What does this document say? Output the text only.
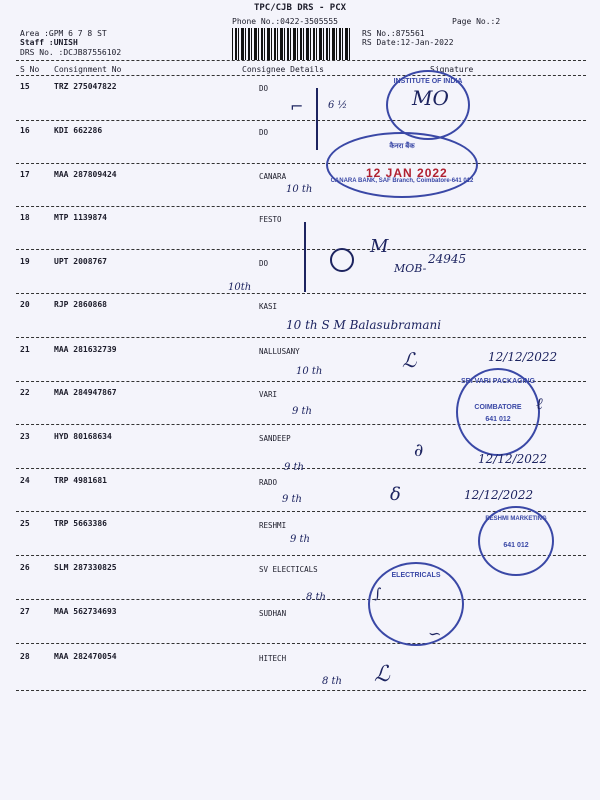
TPC/CJB DRS - PCX
Phone No.:0422-3505555	Page No.:2
Area :GPM 6 7 8 ST
Staff :UNISH
DRS No. :DCJB87556102
RS No.:875561
RS Date:12-Jan-2022
S No Consignment No	Consignee Details	Signature
15	TRZ 275047822	DO
16	KDI 662286	DO
17	MAA 287809424	CANARA
18	MTP 1139874	FESTO
19	UPT 2008767	DO
20	RJP 2860868	KASI
21	MAA 281632739	NALLUSANY
22	MAA 284947867	VARI
23	HYD 80168634	SANDEEP
24	TRP 4981681	RADO
25	TRP 5663386	RESHMI
26	SLM 287330825	SV ELECTICALS
27	MAA 562734693	SUDHAN
28	MAA 282470054	HITECH
⌐ 6 ½	MO
INSTITUTE OF INDIA
कैनरा बैंक
CANARA BANK, SAF Branch, Coimbatore-641 012
12 JAN 2022
10 th
M
MOB-
24945
10th
10 th S M Balasubramani
10 th	ℒ	12/12/2022
SRI VARI PACKAGING
COIMBATORE
641 012
ℓ
9 th
9 th
∂	12/12/2022
9 th	δ	12/12/2022
RESHMI MARKETING
641 012
9 th
ELECTRICALS
∫
8 th
∽
8 th ℒ
